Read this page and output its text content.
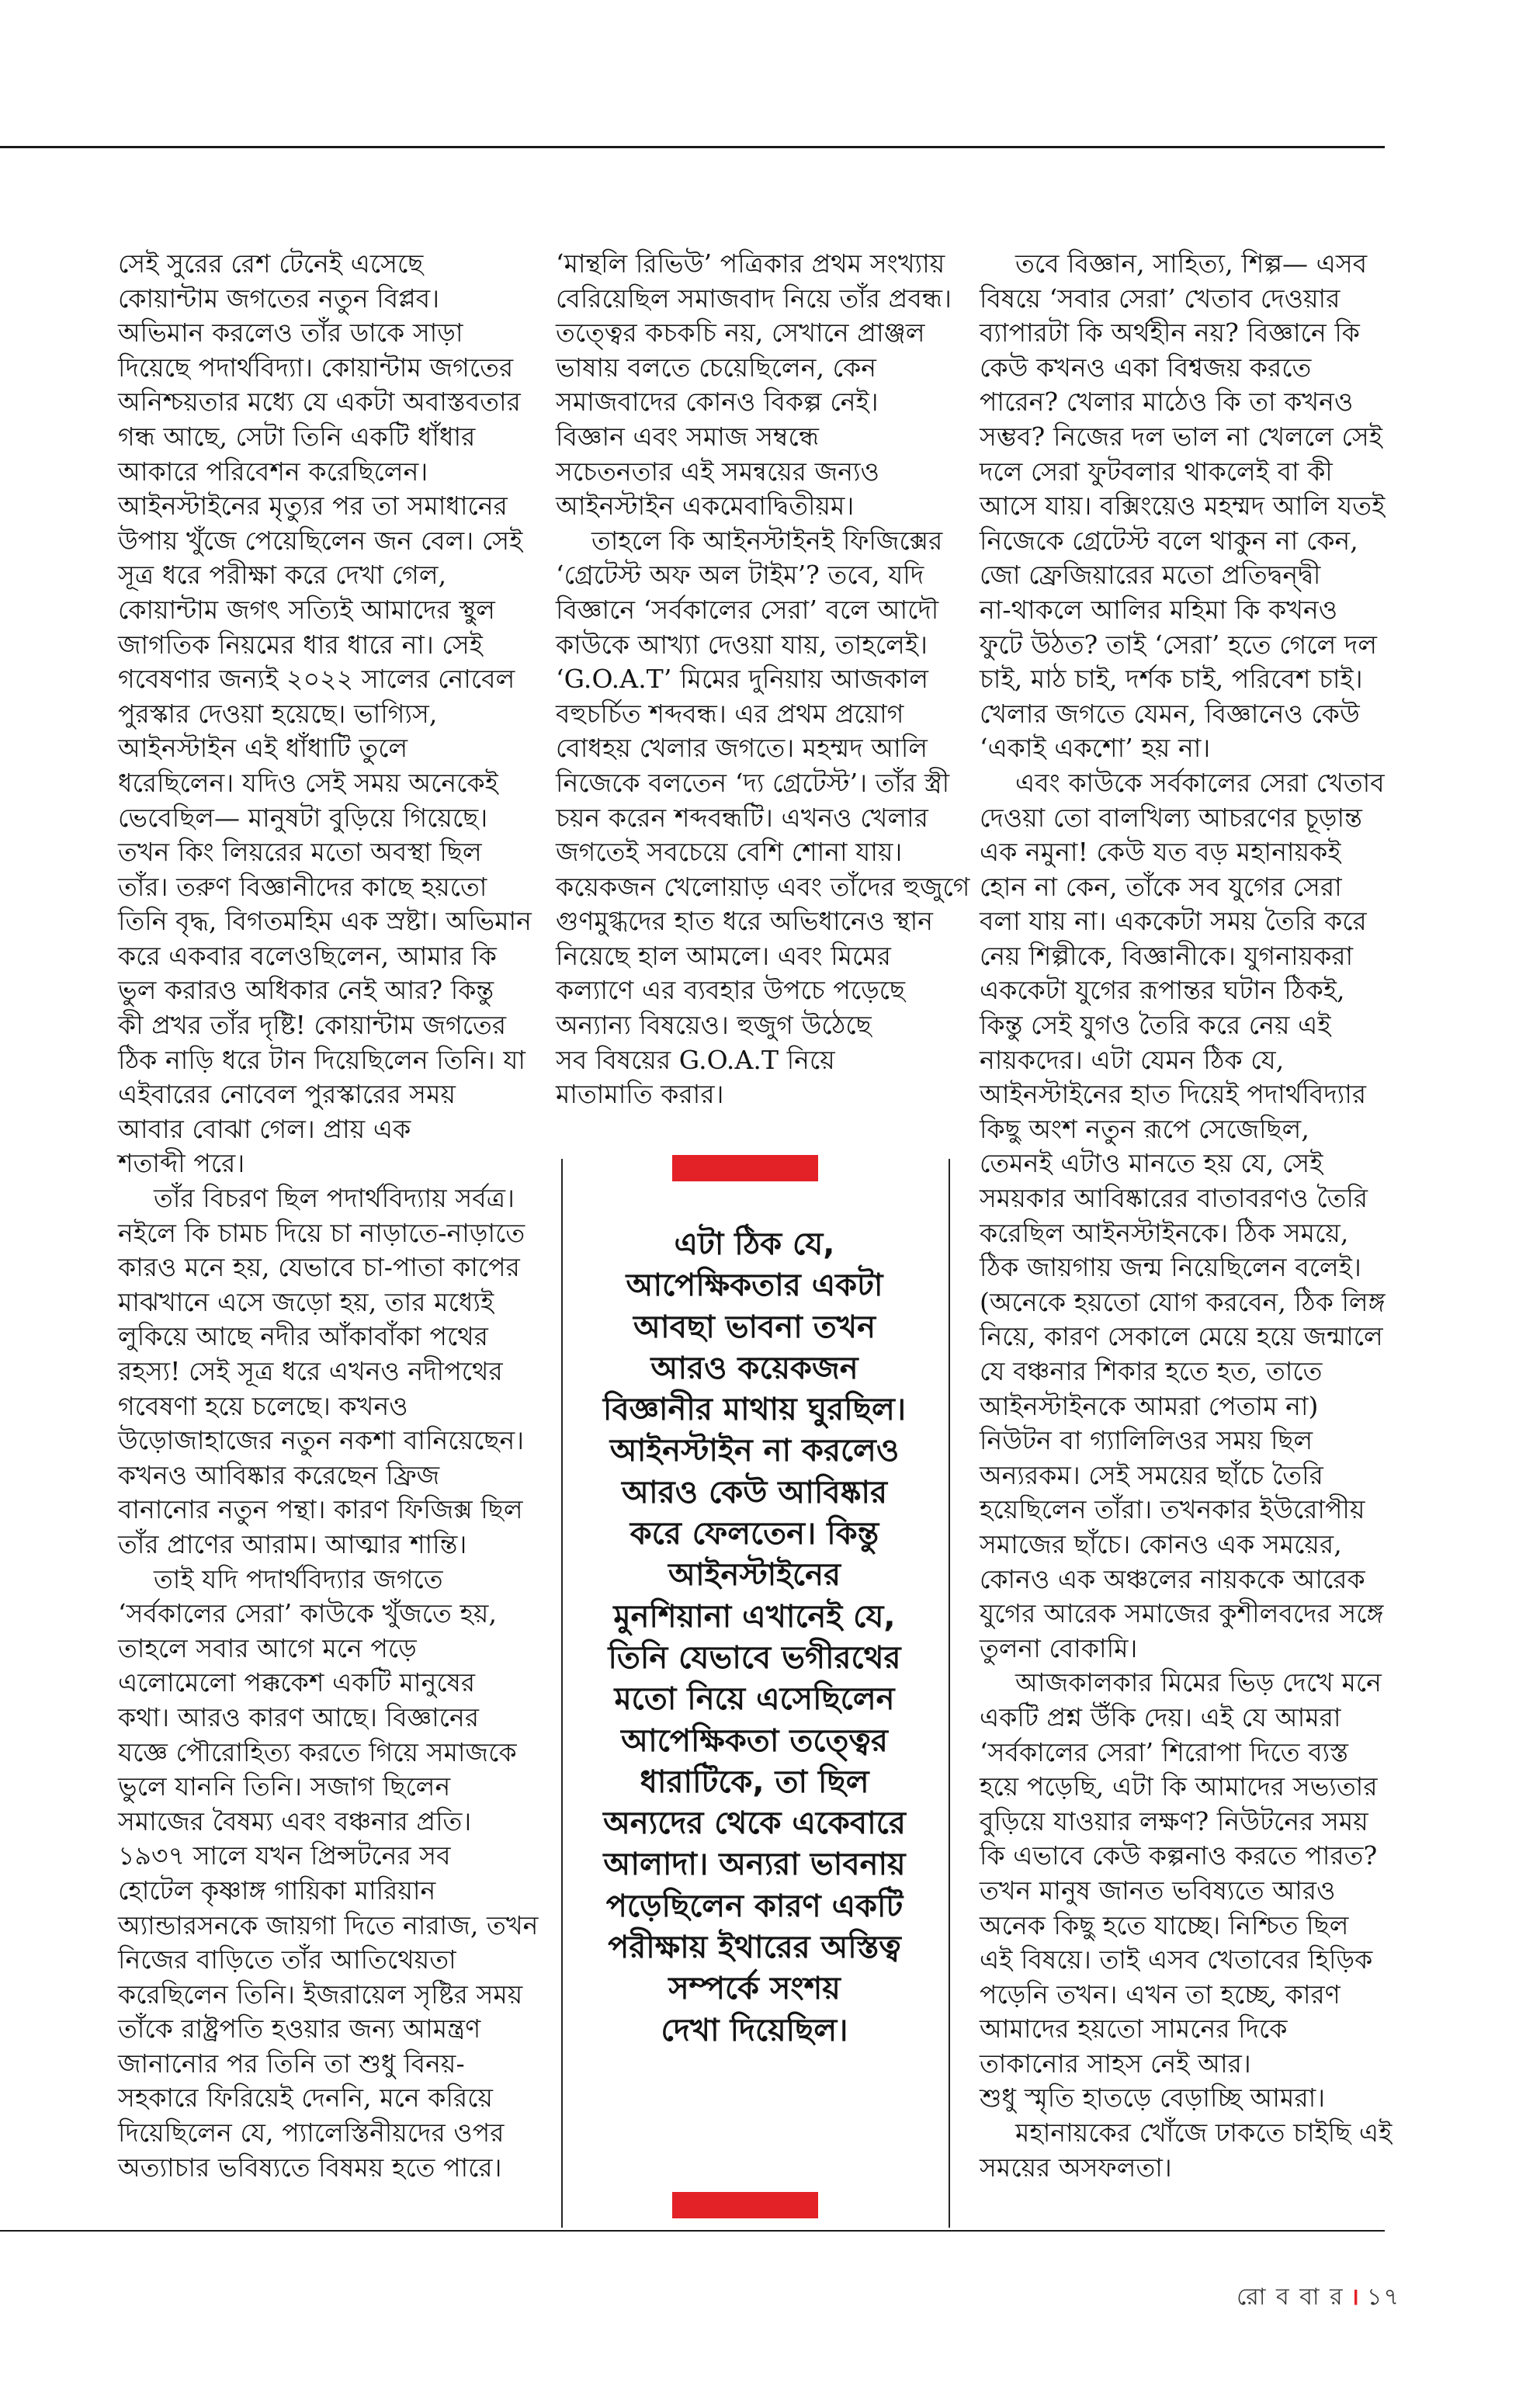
সেই সুরের রেশ টেনেই এসেছে
কোয়ান্টাম জগতের নতুন বিপ্লব।
অভিমান করলেও তাঁর ডাকে সাড়া
দিয়েছে পদার্থবিদ্যা। কোয়ান্টাম জগতের
অনিশ্চয়তার মধ্যে যে একটা অবাস্তবতার
গন্ধ আছে, সেটা তিনি একটি ধাঁধার
আকারে পরিবেশন করেছিলেন।
আইনস্টাইনের মৃত্যুর পর তা সমাধানের
উপায় খুঁজে পেয়েছিলেন জন বেল। সেই
সূত্র ধরে পরীক্ষা করে দেখা গেল,
কোয়ান্টাম জগৎ সত্যিই আমাদের স্থুল
জাগতিক নিয়মের ধার ধারে না। সেই
গবেষণার জন্যই ২০২২ সালের নোবেল
পুরস্কার দেওয়া হয়েছে। ভাগ্যিস,
আইনস্টাইন এই ধাঁধাটি তুলে
ধরেছিলেন। যদিও সেই সময় অনেকেই
ভেবেছিল— মানুষটা বুড়িয়ে গিয়েছে।
তখন কিং লিয়রের মতো অবস্থা ছিল
তাঁর। তরুণ বিজ্ঞানীদের কাছে হয়তো
তিনি বৃদ্ধ, বিগতমহিম এক স্রষ্টা। অভিমান
করে একবার বলেওছিলেন, আমার কি
ভুল করারও অধিকার নেই আর? কিন্তু
কী প্রখর তাঁর দৃষ্টি! কোয়ান্টাম জগতের
ঠিক নাড়ি ধরে টান দিয়েছিলেন তিনি। যা
এইবারের নোবেল পুরস্কারের সময়
আবার বোঝা গেল। প্রায় এক
শতাব্দী পরে।

তাঁর বিচরণ ছিল পদার্থবিদ্যায় সর্বত্র।
নইলে কি চামচ দিয়ে চা নাড়াতে-নাড়াতে
কারও মনে হয়, যেভাবে চা-পাতা কাপের
মাঝখানে এসে জড়ো হয়, তার মধ্যেই
লুকিয়ে আছে নদীর আঁকাবাঁকা পথের
রহস্য! সেই সূত্র ধরে এখনও নদীপথের
গবেষণা হয়ে চলেছে। কখনও
উড়োজাহাজের নতুন নকশা বানিয়েছেন।
কখনও আবিষ্কার করেছেন ফ্রিজ
বানানোর নতুন পন্থা। কারণ ফিজিক্স ছিল
তাঁর প্রাণের আরাম। আত্মার শান্তি।

তাই যদি পদার্থবিদ্যার জগতে
‘সর্বকালের সেরা’ কাউকে খুঁজতে হয়,
তাহলে সবার আগে মনে পড়ে
এলোমেলো পক্ককেশ একটি মানুষের
কথা। আরও কারণ আছে। বিজ্ঞানের
যজ্ঞে পৌরোহিত্য করতে গিয়ে সমাজকে
ভুলে যাননি তিনি। সজাগ ছিলেন
সমাজের বৈষম্য এবং বঞ্চনার প্রতি।
১৯৩৭ সালে যখন প্রিন্সটনের সব
হোটেল কৃষ্ণাঙ্গ গায়িকা মারিয়ান
অ্যান্ডারসনকে জায়গা দিতে নারাজ, তখন
নিজের বাড়িতে তাঁর আতিথেয়তা
করেছিলেন তিনি। ইজরায়েল সৃষ্টির সময়
তাঁকে রাষ্ট্রপতি হওয়ার জন্য আমন্ত্রণ
জানানোর পর তিনি তা শুধু বিনয়-
সহকারে ফিরিয়েই দেননি, মনে করিয়ে
দিয়েছিলেন যে, প্যালেস্তিনীয়দের ওপর
অত্যাচার ভবিষ্যতে বিষময় হতে পারে।

‘মান্থলি রিভিউ’ পত্রিকার প্রথম সংখ্যায়
বেরিয়েছিল সমাজবাদ নিয়ে তাঁর প্রবন্ধ।
তত্ত্বের কচকচি নয়, সেখানে প্রাঞ্জল
ভাষায় বলতে চেয়েছিলেন, কেন
সমাজবাদের কোনও বিকল্প নেই।
বিজ্ঞান এবং সমাজ সম্বন্ধে
সচেতনতার এই সমন্বয়ের জন্যও
আইনস্টাইন একমেবাদ্বিতীয়ম।

তাহলে কি আইনস্টাইনই ফিজিক্সের
‘গ্রেটেস্ট অফ অল টাইম’? তবে, যদি
বিজ্ঞানে ‘সর্বকালের সেরা’ বলে আদৌ
কাউকে আখ্যা দেওয়া যায়, তাহলেই।
‘G.O.A.T’ মিমের দুনিয়ায় আজকাল
বহুচর্চিত শব্দবন্ধ। এর প্রথম প্রয়োগ
বোধহয় খেলার জগতে। মহম্মদ আলি
নিজেকে বলতেন ‘দ্য গ্রেটেস্ট’। তাঁর স্ত্রী
চয়ন করেন শব্দবন্ধটি। এখনও খেলার
জগতেই সবচেয়ে বেশি শোনা যায়।
কয়েকজন খেলোয়াড় এবং তাঁদের হুজুগে
গুণমুগ্ধদের হাত ধরে অভিধানেও স্থান
নিয়েছে হাল আমলে। এবং মিমের
কল্যাণে এর ব্যবহার উপচে পড়েছে
অন্যান্য বিষয়েও। হুজুগ উঠেছে
সব বিষয়ের G.O.A.T নিয়ে
মাতামাতি করার।

তবে বিজ্ঞান, সাহিত্য, শিল্প— এসব
বিষয়ে ‘সবার সেরা’ খেতাব দেওয়ার
ব্যাপারটা কি অর্থহীন নয়? বিজ্ঞানে কি
কেউ কখনও একা বিশ্বজয় করতে
পারেন? খেলার মাঠেও কি তা কখনও
সম্ভব? নিজের দল ভাল না খেললে সেই
দলে সেরা ফুটবলার থাকলেই বা কী
আসে যায়। বক্সিংয়েও মহম্মদ আলি যতই
নিজেকে গ্রেটেস্ট বলে থাকুন না কেন,
জো ফ্রেজিয়ারের মতো প্রতিদ্বন্দ্বী
না-থাকলে আলির মহিমা কি কখনও
ফুটে উঠত? তাই ‘সেরা’ হতে গেলে দল
চাই, মাঠ চাই, দর্শক চাই, পরিবেশ চাই।
খেলার জগতে যেমন, বিজ্ঞানেও কেউ
‘একাই একশো’ হয় না।

এবং কাউকে সর্বকালের সেরা খেতাব
দেওয়া তো বালখিল্য আচরণের চূড়ান্ত
এক নমুনা! কেউ যত বড় মহানায়কই
হোন না কেন, তাঁকে সব যুগের সেরা
বলা যায় না। এককেটা সময় তৈরি করে
নেয় শিল্পীকে, বিজ্ঞানীকে। যুগনায়করা
এককেটা যুগের রূপান্তর ঘটান ঠিকই,
কিন্তু সেই যুগও তৈরি করে নেয় এই
নায়কদের। এটা যেমন ঠিক যে,
আইনস্টাইনের হাত দিয়েই পদার্থবিদ্যার
কিছু অংশ নতুন রূপে সেজেছিল,
তেমনই এটাও মানতে হয় যে, সেই
সময়কার আবিষ্কারের বাতাবরণও তৈরি
করেছিল আইনস্টাইনকে। ঠিক সময়ে,
ঠিক জায়গায় জন্ম নিয়েছিলেন বলেই।
(অনেকে হয়তো যোগ করবেন, ঠিক লিঙ্গ
নিয়ে, কারণ সেকালে মেয়ে হয়ে জন্মালে
যে বঞ্চনার শিকার হতে হত, তাতে
আইনস্টাইনকে আমরা পেতাম না)
নিউটন বা গ্যালিলিওর সময় ছিল
অন্যরকম। সেই সময়ের ছাঁচে তৈরি
হয়েছিলেন তাঁরা। তখনকার ইউরোপীয়
সমাজের ছাঁচে। কোনও এক সময়ের,
কোনও এক অঞ্চলের নায়ককে আরেক
যুগের আরেক সমাজের কুশীলবদের সঙ্গে
তুলনা বোকামি।

আজকালকার মিমের ভিড় দেখে মনে
একটি প্রশ্ন উঁকি দেয়। এই যে আমরা
‘সর্বকালের সেরা’ শিরোপা দিতে ব্যস্ত
হয়ে পড়েছি, এটা কি আমাদের সভ্যতার
বুড়িয়ে যাওয়ার লক্ষণ? নিউটনের সময়
কি এভাবে কেউ কল্পনাও করতে পারত?
তখন মানুষ জানত ভবিষ্যতে আরও
অনেক কিছু হতে যাচ্ছে। নিশ্চিত ছিল
এই বিষয়ে। তাই এসব খেতাবের হিড়িক
পড়েনি তখন। এখন তা হচ্ছে, কারণ
আমাদের হয়তো সামনের দিকে
তাকানোর সাহস নেই আর।
শুধু স্মৃতি হাতড়ে বেড়াচ্ছি আমরা।

মহানায়কের খোঁজে ঢাকতে চাইছি এই
সময়ের অসফলতা।

এটা ঠিক যে,
আপেক্ষিকতার একটা
আবছা ভাবনা তখন
আরও কয়েকজন
বিজ্ঞানীর মাথায় ঘুরছিল।
আইনস্টাইন না করলেও
আরও কেউ আবিষ্কার
করে ফেলতেন। কিন্তু
আইনস্টাইনের
মুনশিয়ানা এখানেই যে,
তিনি যেভাবে ভগীরথের
মতো নিয়ে এসেছিলেন
আপেক্ষিকতা তত্ত্বের
ধারাটিকে, তা ছিল
অন্যদের থেকে একেবারে
আলাদা। অন্যরা ভাবনায়
পড়েছিলেন কারণ একটি
পরীক্ষায় ইথারের অস্তিত্ব
সম্পর্কে সংশয়
দেখা দিয়েছিল।
রো ব বা র । ১৭
